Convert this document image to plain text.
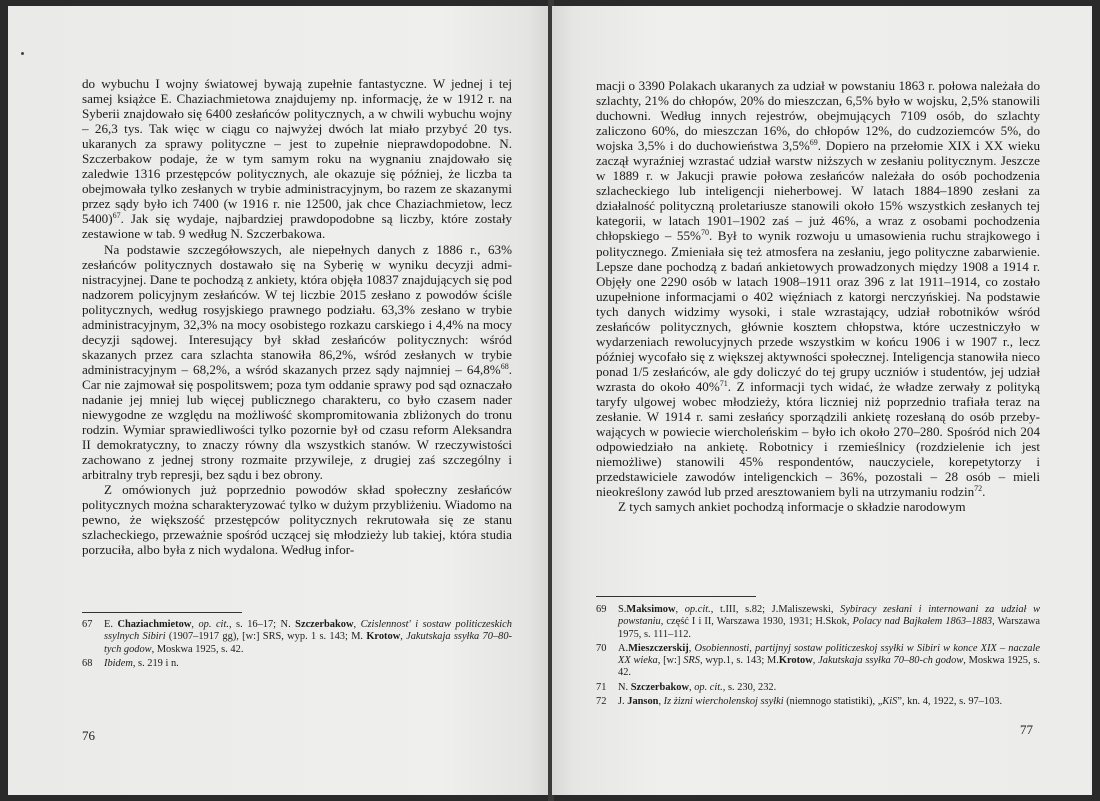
do wybuchu I wojny światowej bywają zupełnie fantastyczne. W jednej i tej samej książce E. Chaziachmietowa znajdujemy np. informację, że w 1912 r. na Syberii znajdowało się 6400 zesłańców politycznych, a w chwili wybuchu wojny – 26,3 tys. Tak więc w ciągu co najwyżej dwóch lat miało przybyć 20 tys. ukaranych za sprawy polityczne – jest to zupełnie nieprawdopodobne. N. Szczerbakow podaje, że w tym samym roku na wygnaniu znajdowało się zaledwie 1316 przestępców politycznych, ale okazuje się później, że liczba ta obejmowała tylko zesłanych w trybie administracyjnym, bo razem ze skazanymi przez sądy było ich 7400 (w 1916 r. nie 12500, jak chce Chaziachmietow, lecz 5400)$^{67}$. Jak się wydaje, najbardziej prawdopodobne są liczby, które zostały zestawione w tab. 9 według N. Szczerbakowa.

Na podstawie szczegółowszych, ale niepełnych danych z 1886 r., 63% zesłańców politycznych dostawało się na Syberię w wyniku decyzji administracyjnej. Dane te pochodzą z ankiety, która objęła 10837 znajdujących się pod nadzorem policyjnym zesłańców. W tej liczbie 2015 zesłano z powodów ściśle politycznych, według rosyjskiego prawnego podziału. 63,3% zesłano w trybie administracyjnym, 32,3% na mocy osobistego rozkazu carskiego i 4,4% na mocy decyzji sądowej. Interesujący był skład zesłańców politycznych: wśród skazanych przez cara szlachta stanowiła 86,2%, wśród zesłanych w trybie administracyjnym – 68,2%, a wśród skazanych przez sądy najmniej – 64,8%$^{68}$. Car nie zajmował się pospolitswem; poza tym oddanie sprawy pod sąd oznaczało nadanie jej mniej lub więcej publicznego charakteru, co było czasem nader niewygodne ze względu na możliwość skompromitowania zbliżonych do tronu rodzin. Wymiar sprawiedliwości tylko pozornie był od czasu reform Aleksandra II demokratyczny, to znaczy równy dla wszystkich stanów. W rzeczywistości zachowano z jednej strony rozmaite przywileje, z drugiej zaś szczególny i arbitralny tryb represji, bez sądu i bez obrony.

Z omówionych już poprzednio powodów skład społeczny zesłańców politycznych można scharakteryzować tylko w dużym przybliżeniu. Wiadomo na pewno, że większość przestępców politycznych rekrutowała się ze stanu szlacheckiego, przeważnie spośród uczącej się młodzieży lub takiej, która studia porzuciła, albo była z nich wydalona. Według infor-

67 E. Chaziachmietow, op. cit., s. 16–17; N. Szczerbakow, Czislennost' i sostaw politiczeskich ssylnych Sibiri (1907–1917 gg), [w:] SRS, wyp. 1 s. 143; M. Krotow, Jakutskaja ssyłka 70–80-tych godow, Moskwa 1925, s. 42.
68 Ibidem, s. 219 i n.
76

macji o 3390 Polakach ukaranych za udział w powstaniu 1863 r. połowa należała do szlachty, 21% do chłopów, 20% do mieszczan, 6,5% było w wojsku, 2,5% stanowili duchowni. Według innych rejestrów, obejmujących 7109 osób, do szlachty zaliczono 60%, do mieszczan 16%, do chłopów 12%, do cudzoziemców 5%, do wojska 3,5% i do duchowieństwa 3,5%$^{69}$. Dopiero na przełomie XIX i XX wieku zaczął wyraźniej wzrastać udział warstw niższych w zesłaniu politycznym. Jeszcze w 1889 r. w Jakucji prawie połowa zesłańców należała do osób pochodzenia szlacheckiego lub inteligencji nieherbowej. W latach 1884–1890 zesłani za działalność polityczną proletariusze stanowili około 15% wszystkich zesłanych tej kategorii, w latach 1901–1902 zaś – już 46%, a wraz z osobami pochodzenia chłopskiego – 55%$^{70}$. Był to wynik rozwoju u umasowienia ruchu strajkowego i politycznego. Zmieniała się też atmosfera na zesłaniu, jego polityczne zabarwienie. Lepsze dane pochodzą z badań ankietowych prowadzonych między 1908 a 1914 r. Objęły one 2290 osób w latach 1908–1911 oraz 396 z lat 1911–1914, co zostało uzupełnione informacjami o 402 więźniach z katorgi nerczyńskiej. Na podstawie tych danych widzimy wysoki, i stale wzrastający, udział robotników wśród zesłańców politycznych, głównie kosztem chłopstwa, które uczestniczyło w wydarzeniach rewolucyjnych przede wszystkim w końcu 1906 i w 1907 r., lecz później wycofało się z większej aktywności społecznej. Inteligencja stanowiła nieco ponad 1/5 zesłańców, ale gdy doliczyć do tej grupy uczniów i studentów, jej udział wzrasta do około 40%$^{71}$. Z informacji tych widać, że władze zerwały z polityką taryfy ulgowej wobec młodzieży, która liczniej niż poprzednio trafiała teraz na zesłanie. W 1914 r. sami zesłańcy sporządzili ankietę rozesłaną do osób przebywających w powiecie wiercholeńskim – było ich około 270–280. Spośród nich 204 odpowiedziało na ankietę. Robotnicy i rzemieślnicy (rozdzielenie ich jest niemożliwe) stanowili 45% respondentów, nauczyciele, korepetytorzy i przedstawiciele zawodów inteligenckich – 36%, pozostali – 28 osób – mieli nieokreślony zawód lub przed aresztowaniem byli na utrzymaniu rodzin$^{72}$.

Z tych samych ankiet pochodzą informacje o składzie narodowym

69 S.Maksimow, op.cit., t.III, s.82; J.Maliszewski, Sybiracy zesłani i internowani za udział w powstaniu, część I i II, Warszawa 1930, 1931; H.Skok, Polacy nad Bajkałem 1863–1883, Warszawa 1975, s. 111–112.
70 A.Mieszczerskij, Osobiennosti, partijnyj sostaw politiczeskoj ssyłki w Sibiri w konce XIX – naczale XX wieka, [w:] SRS, wyp.1, s. 143; M.Krotow, Jakutskaja ssyłka 70–80-ch godow, Moskwa 1925, s. 42.
71 N. Szczerbakow, op. cit., s. 230, 232.
72 J. Janson, Iz żizni wiercholenskoj ssyłki (niemnogo statistiki), „KiS”, kn. 4, 1922, s. 97–103.
77
